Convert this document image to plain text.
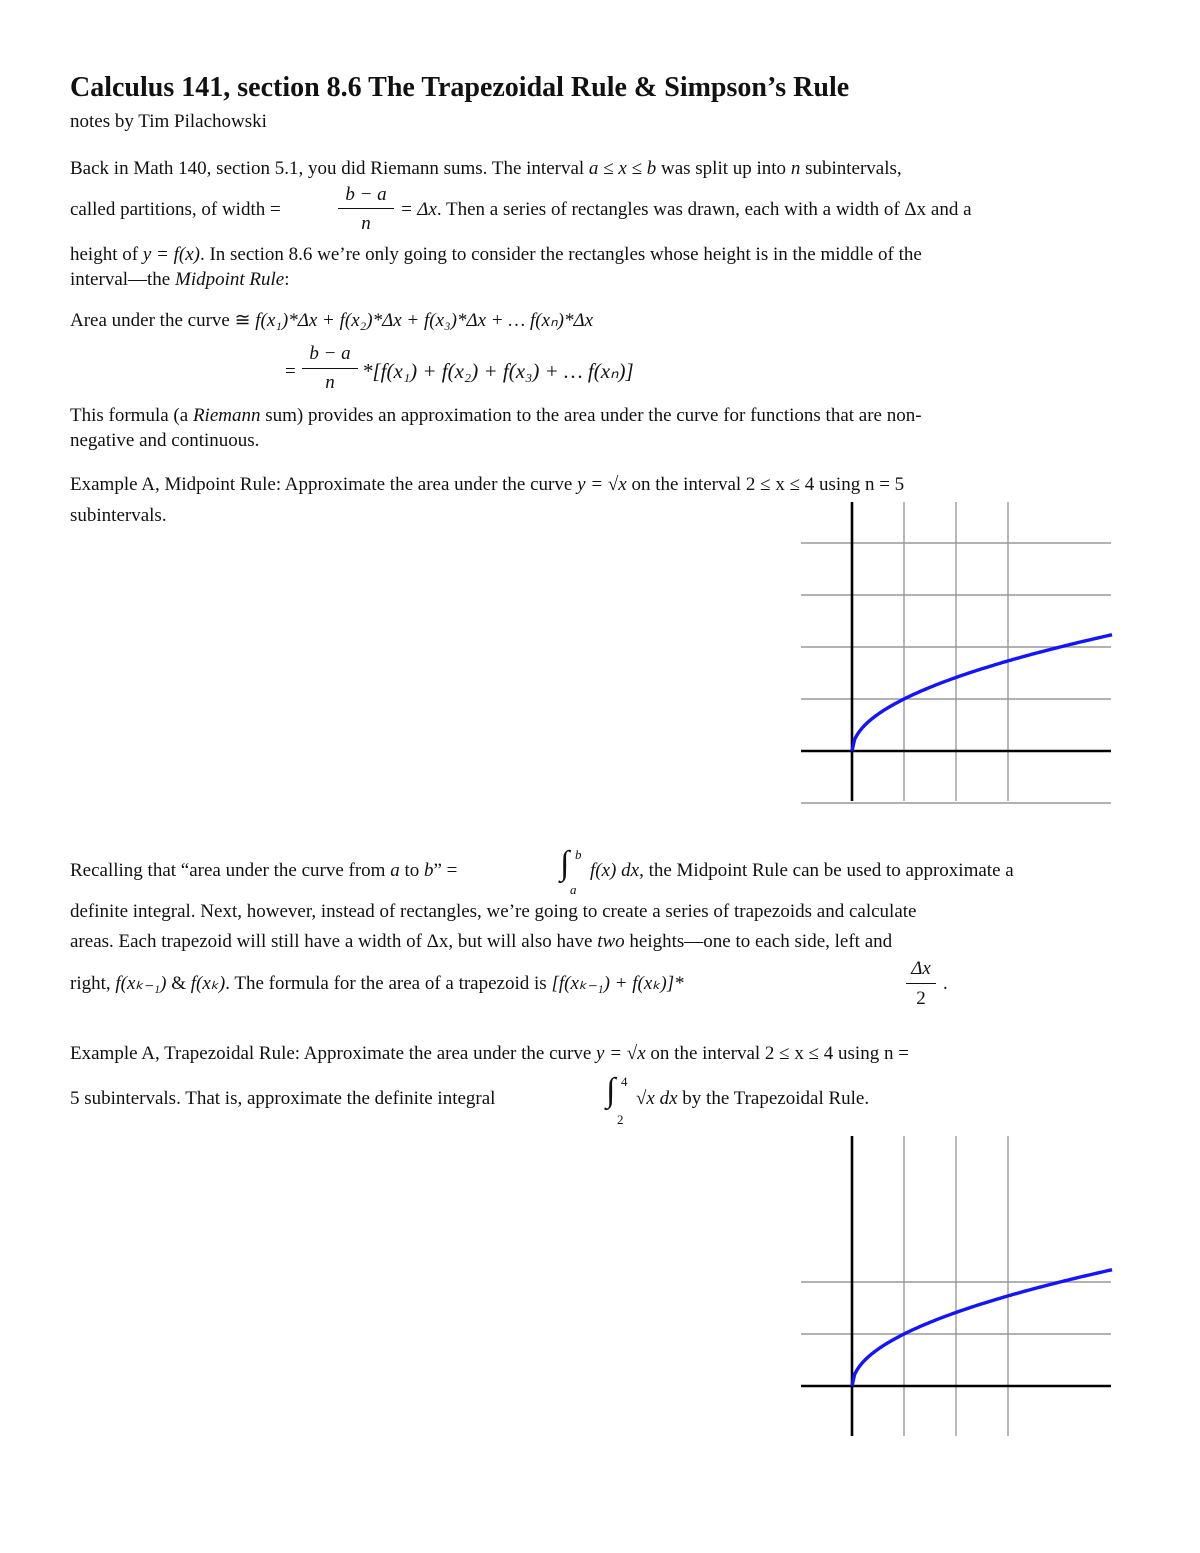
Calculus 141, section 8.6 The Trapezoidal Rule & Simpson’s Rule
notes by Tim Pilachowski
Back in Math 140, section 5.1, you did Riemann sums. The interval a ≤ x ≤ b was split up into n subintervals,
called partitions, of width =
b − a
n
= Δx. Then a series of rectangles was drawn, each with a width of Δx and a
height of y = f(x). In section 8.6 we’re only going to consider the rectangles whose height is in the middle of the
interval—the Midpoint Rule:
Area under the curve ≅ f(x₁)*Δx + f(x₂)*Δx + f(x₃)*Δx + … f(xₙ)*Δx
=
b − a
n	*[f(x₁) + f(x₂) + f(x₃) + … f(xₙ)]
This formula (a Riemann sum) provides an approximation to the area under the curve for functions that are non-
negative and continuous.
Example A, Midpoint Rule: Approximate the area under the curve y = √x on the interval 2 ≤ x ≤ 4 using n = 5
subintervals.
Recalling that “area under the curve from a to b” =	∫ b
a
f(x) dx, the Midpoint Rule can be used to approximate a
definite integral. Next, however, instead of rectangles, we’re going to create a series of trapezoids and calculate
areas. Each trapezoid will still have a width of Δx, but will also have two heights—one to each side, left and
right, f(xₖ₋₁) & f(xₖ). The formula for the area of a trapezoid is [f(xₖ₋₁) + f(xₖ)]*
Δx
2
.
Example A, Trapezoidal Rule: Approximate the area under the curve y = √x on the interval 2 ≤ x ≤ 4 using n =
5 subintervals. That is, approximate the definite integral	∫ 4
2
√x dx by the Trapezoidal Rule.
